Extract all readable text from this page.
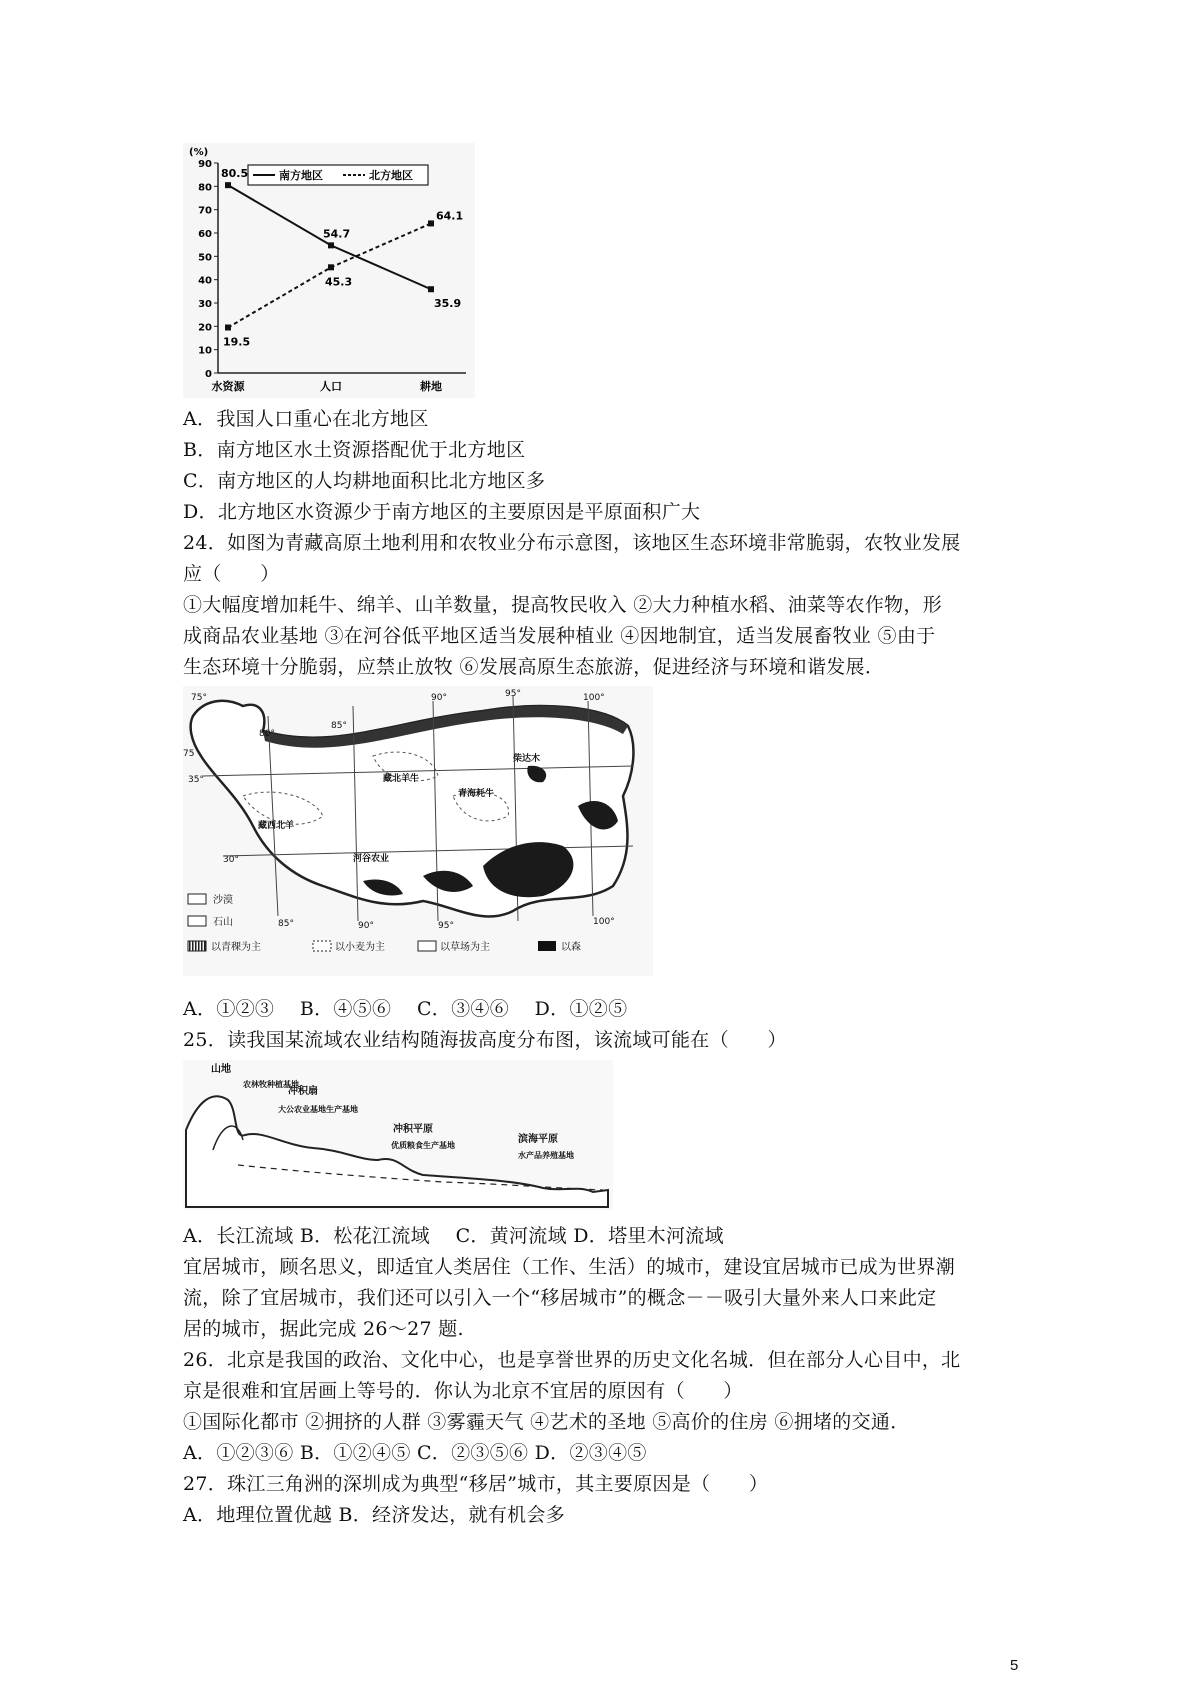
(%)
90
80
70
60
50
40
30
20
10
0
水资源	人口	耕地
80.5
54.7
35.9
19.5
45.3
64.1
南方地区	北方地区
A．我国人口重心在北方地区
B．南方地区水土资源搭配优于北方地区
C．南方地区的人均耕地面积比北方地区多
D．北方地区水资源少于南方地区的主要原因是平原面积广大
24．如图为青藏高原土地利用和农牧业分布示意图，该地区生态环境非常脆弱，农牧业发展
应（　　）
①大幅度增加耗牛、绵羊、山羊数量，提高牧民收入 ②大力种植水稻、油菜等农作物，形
成商品农业基地 ③在河谷低平地区适当发展种植业 ④因地制宜，适当发展畜牧业 ⑤由于
生态环境十分脆弱，应禁止放牧 ⑥发展高原生态旅游，促进经济与环境和谐发展．
75°
80°
85°
90°	95°	100°
85°	90°	95°	100°
35°
30°
75
藏北羊牛
青海耗牛
藏西北羊
河谷农业
柴达木
沙漠
石山
以青稞为主	以小麦为主	以草场为主	以森
A．①②③　 B．④⑤⑥　 C．③④⑥　 D．①②⑤
25．读我国某流域农业结构随海拔高度分布图，该流域可能在（　　）
山地
农林牧种植基地
冲积扇
大公农业基地生产基地
冲积平原
优质粮食生产基地
滨海平原
水产品养殖基地
A．长江流域 B．松花江流域　 C．黄河流域 D．塔里木河流域
宜居城市，顾名思义，即适宜人类居住（工作、生活）的城市，建设宜居城市已成为世界潮
流，除了宜居城市，我们还可以引入一个“移居城市”的概念－－吸引大量外来人口来此定
居的城市，据此完成 26～27 题.
26．北京是我国的政治、文化中心，也是享誉世界的历史文化名城．但在部分人心目中，北
京是很难和宜居画上等号的．你认为北京不宜居的原因有（　　）
①国际化都市 ②拥挤的人群 ③雾霾天气 ④艺术的圣地 ⑤高价的住房 ⑥拥堵的交通．
A．①②③⑥ B．①②④⑤ C．②③⑤⑥ D．②③④⑤
27．珠江三角洲的深圳成为典型“移居”城市，其主要原因是（　　）
A．地理位置优越 B．经济发达，就有机会多
5
